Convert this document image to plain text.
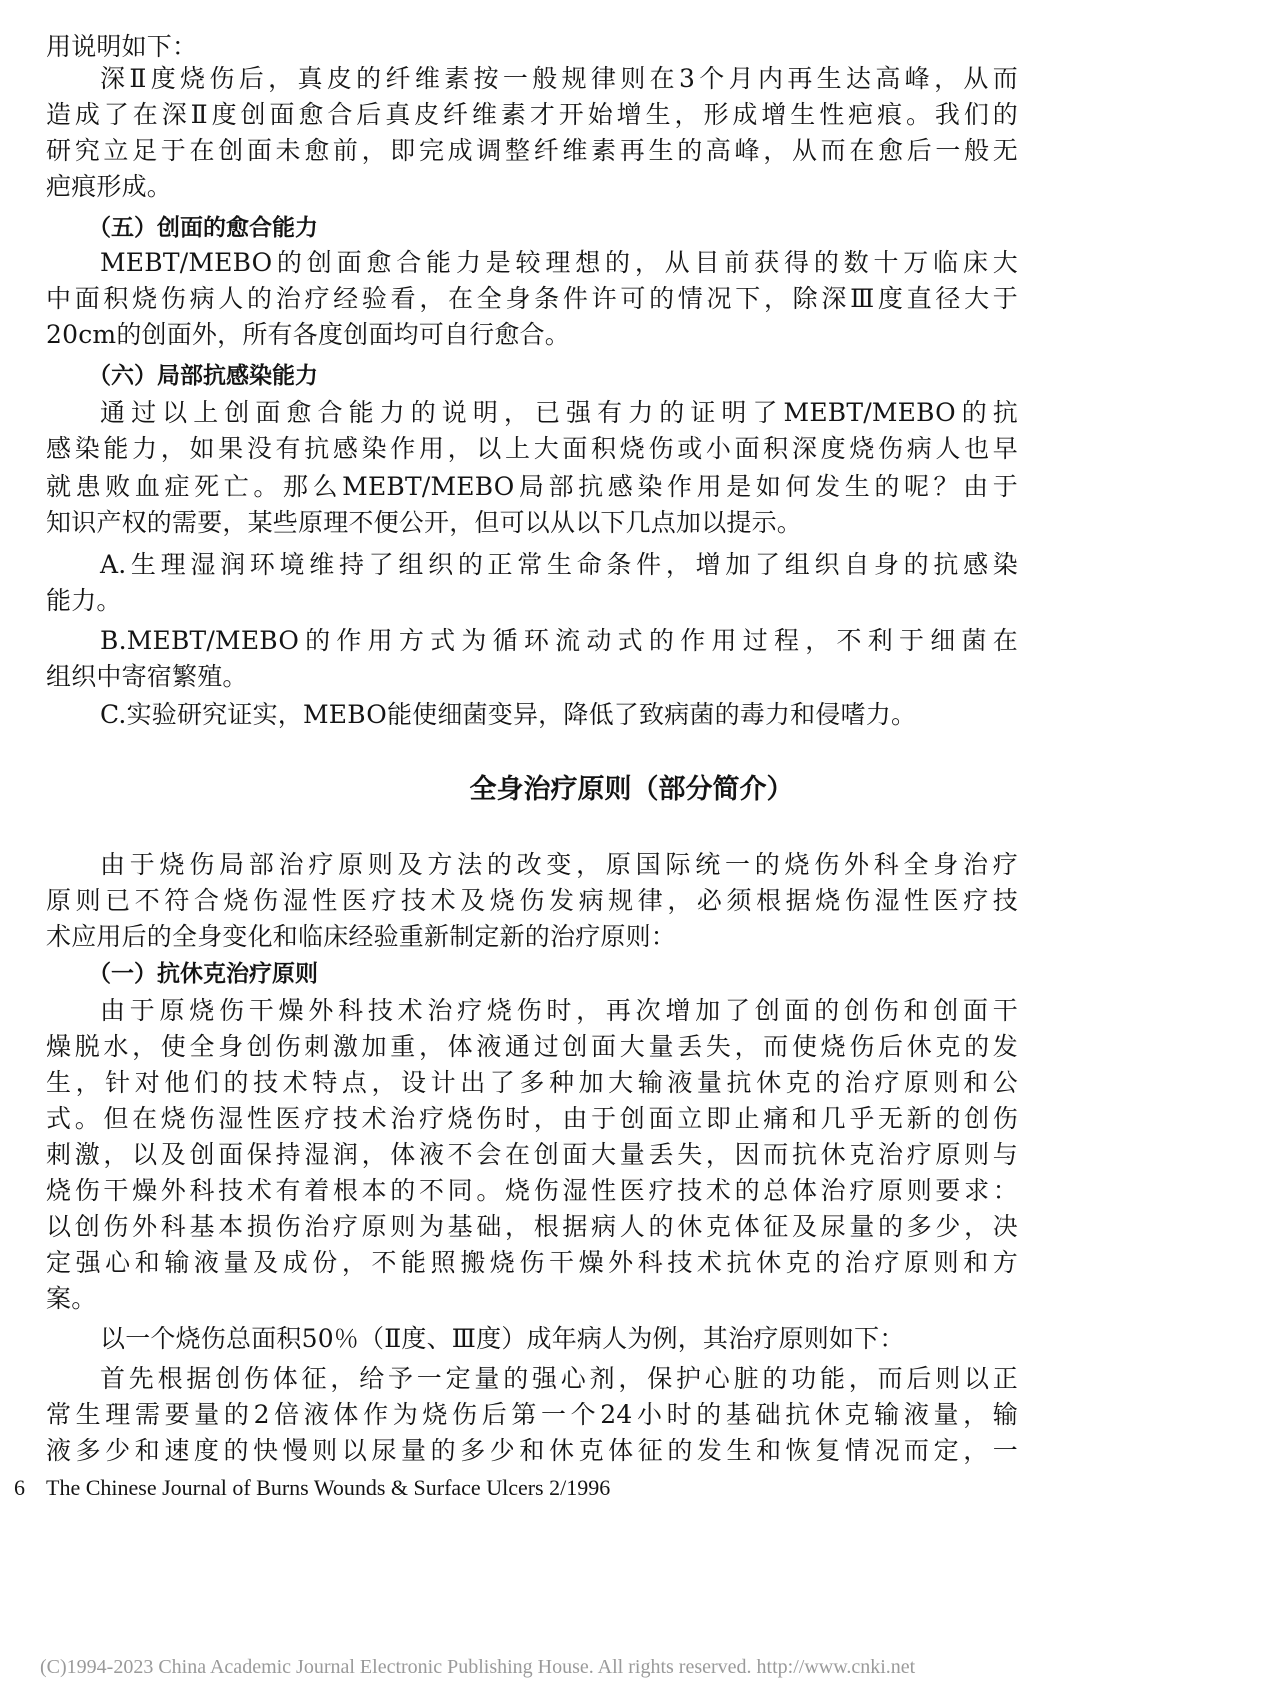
用说明如下：
深Ⅱ度烧伤后，真皮的纤维素按一般规律则在3个月内再生达高峰，从而
造成了在深Ⅱ度创面愈合后真皮纤维素才开始增生，形成增生性疤痕。我们的
研究立足于在创面未愈前，即完成调整纤维素再生的高峰，从而在愈后一般无
疤痕形成。
（五）创面的愈合能力
MEBT/MEBO的创面愈合能力是较理想的，从目前获得的数十万临床大
中面积烧伤病人的治疗经验看，在全身条件许可的情况下，除深Ⅲ度直径大于
20cm的创面外，所有各度创面均可自行愈合。
（六）局部抗感染能力
通过以上创面愈合能力的说明，已强有力的证明了MEBT/MEBO的抗
感染能力，如果没有抗感染作用，以上大面积烧伤或小面积深度烧伤病人也早
就患败血症死亡。那么MEBT/MEBO局部抗感染作用是如何发生的呢？由于
知识产权的需要，某些原理不便公开，但可以从以下几点加以提示。
A.生理湿润环境维持了组织的正常生命条件，增加了组织自身的抗感染
能力。
B.MEBT/MEBO的作用方式为循环流动式的作用过程，不利于细菌在
组织中寄宿繁殖。
C.实验研究证实，MEBO能使细菌变异，降低了致病菌的毒力和侵嗜力。
全身治疗原则（部分简介）
由于烧伤局部治疗原则及方法的改变，原国际统一的烧伤外科全身治疗
原则已不符合烧伤湿性医疗技术及烧伤发病规律，必须根据烧伤湿性医疗技
术应用后的全身变化和临床经验重新制定新的治疗原则：
（一）抗休克治疗原则
由于原烧伤干燥外科技术治疗烧伤时，再次增加了创面的创伤和创面干
燥脱水，使全身创伤刺激加重，体液通过创面大量丢失，而使烧伤后休克的发
生，针对他们的技术特点，设计出了多种加大输液量抗休克的治疗原则和公
式。但在烧伤湿性医疗技术治疗烧伤时，由于创面立即止痛和几乎无新的创伤
刺激，以及创面保持湿润，体液不会在创面大量丢失，因而抗休克治疗原则与
烧伤干燥外科技术有着根本的不同。烧伤湿性医疗技术的总体治疗原则要求：
以创伤外科基本损伤治疗原则为基础，根据病人的休克体征及尿量的多少，决
定强心和输液量及成份，不能照搬烧伤干燥外科技术抗休克的治疗原则和方
案。
以一个烧伤总面积50％（Ⅱ度、Ⅲ度）成年病人为例，其治疗原则如下：
首先根据创伤体征，给予一定量的强心剂，保护心脏的功能，而后则以正
常生理需要量的2倍液体作为烧伤后第一个24小时的基础抗休克输液量，输
液多少和速度的快慢则以尿量的多少和休克体征的发生和恢复情况而定，一
6 The Chinese Journal of Burns Wounds & Surface Ulcers 2/1996
(C)1994-2023 China Academic Journal Electronic Publishing House. All rights reserved. http://www.cnki.net
